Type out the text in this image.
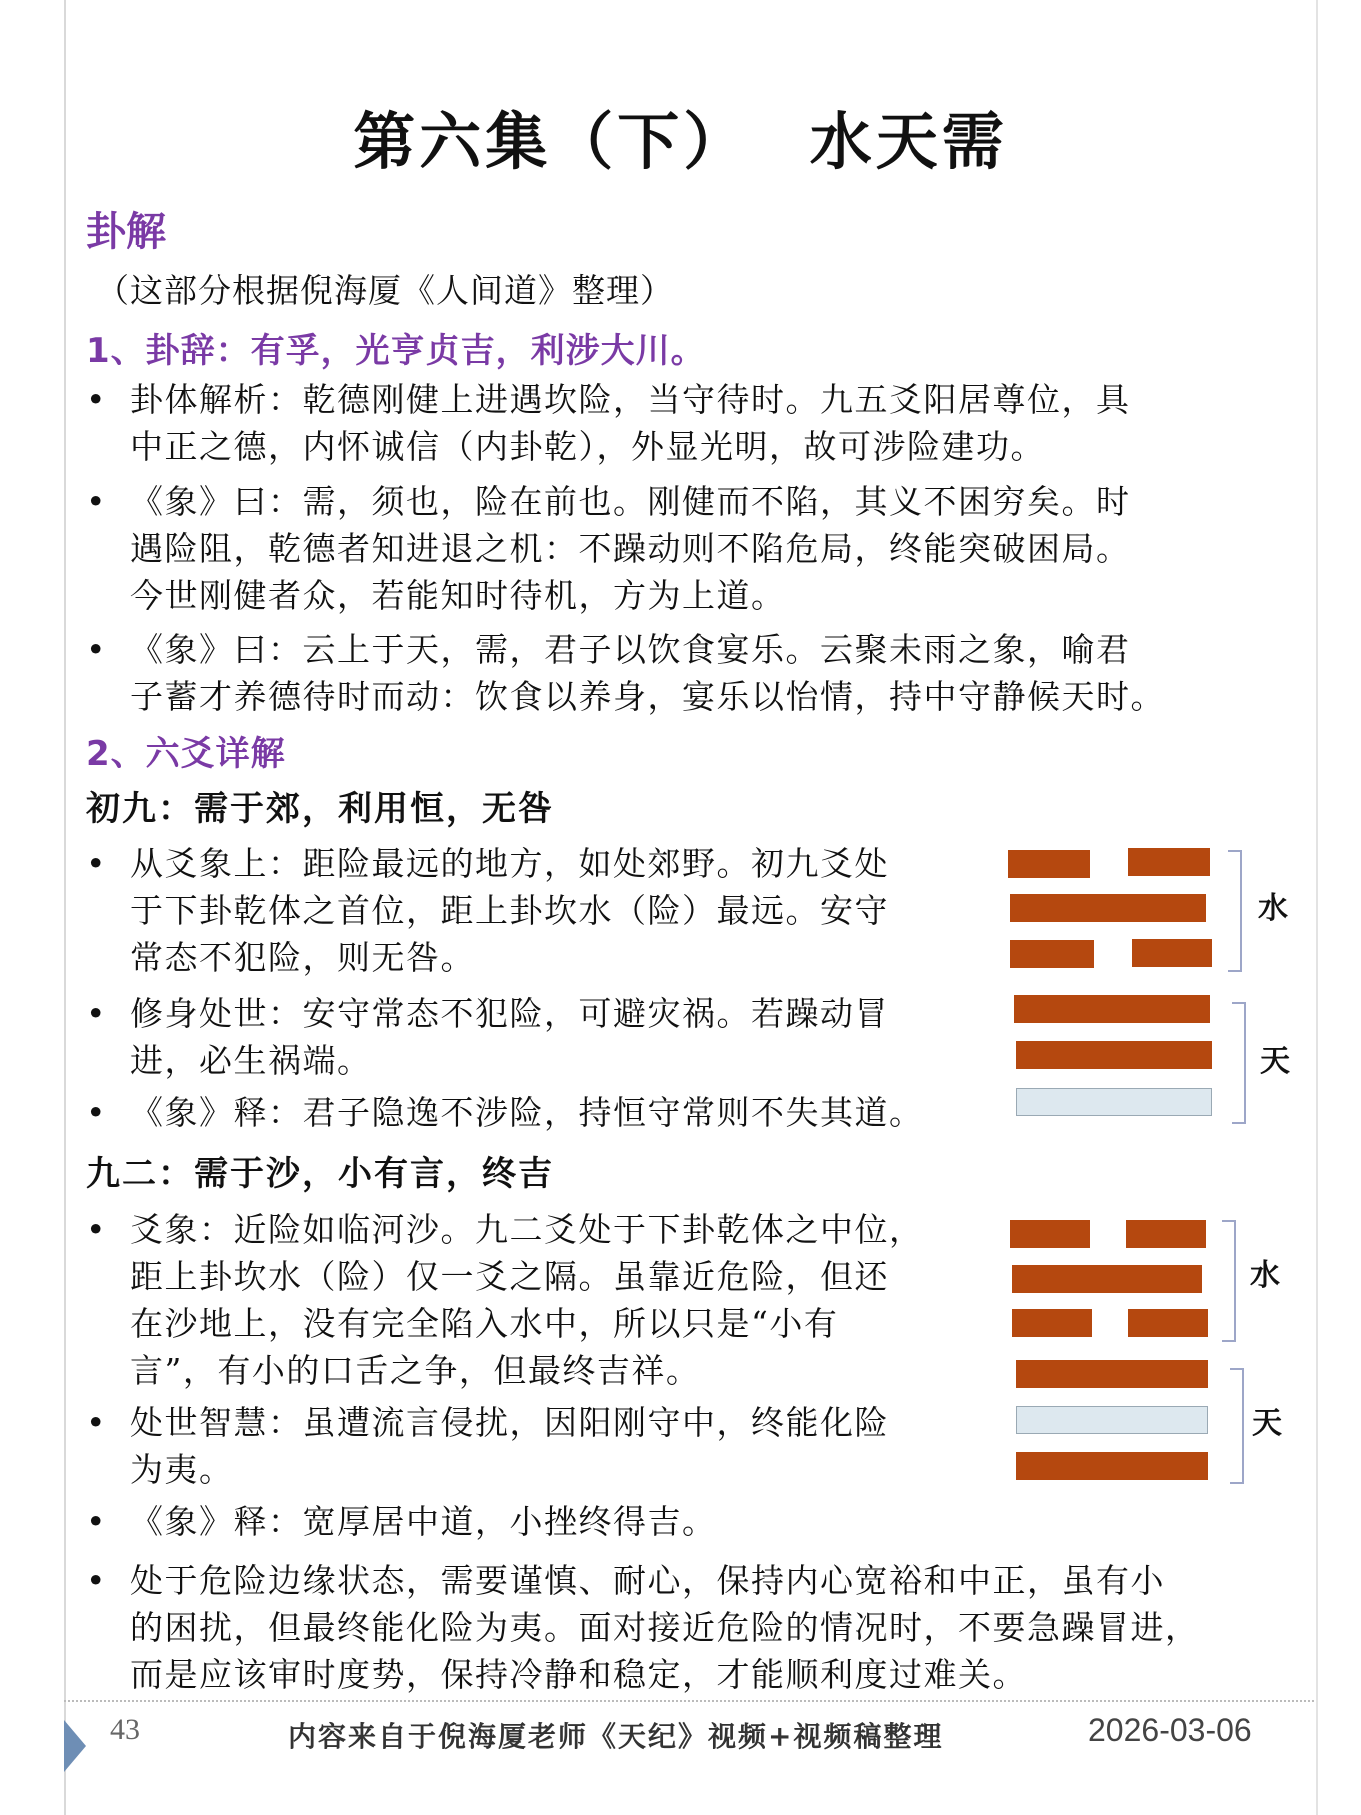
第六集（下）　 水天需
卦解
（这部分根据倪海厦《人间道》整理）
1、卦辞：有孚，光亨贞吉，利涉大川。
• 卦体解析：乾德刚健上进遇坎险，当守待时。九五爻阳居尊位，具
中正之德，内怀诚信（内卦乾），外显光明，故可涉险建功。
• 《象》曰：需，须也，险在前也。刚健而不陷，其义不困穷矣。时
遇险阻，乾德者知进退之机：不躁动则不陷危局，终能突破困局。
今世刚健者众，若能知时待机，方为上道。
• 《象》曰：云上于天，需，君子以饮食宴乐。云聚未雨之象，喻君
子蓄才养德待时而动：饮食以养身，宴乐以怡情，持中守静候天时。
2、六爻详解
初九：需于郊，利用恒，无咎
• 从爻象上：距险最远的地方，如处郊野。初九爻处
于下卦乾体之首位，距上卦坎水（险）最远。安守
常态不犯险，则无咎。
• 修身处世：安守常态不犯险，可避灾祸。若躁动冒
进，必生祸端。
• 《象》释：君子隐逸不涉险，持恒守常则不失其道。
九二：需于沙，小有言，终吉
• 爻象：近险如临河沙。九二爻处于下卦乾体之中位，
距上卦坎水（险）仅一爻之隔。虽靠近危险，但还
在沙地上，没有完全陷入水中，所以只是“小有
言”，有小的口舌之争，但最终吉祥。
• 处世智慧：虽遭流言侵扰，因阳刚守中，终能化险
为夷。
• 《象》释：宽厚居中道，小挫终得吉。
• 处于危险边缘状态，需要谨慎、耐心，保持内心宽裕和中正，虽有小
的困扰，但最终能化险为夷。面对接近危险的情况时，不要急躁冒进，
而是应该审时度势，保持冷静和稳定，才能顺利度过难关。
水
天
水
天
43	内容来自于倪海厦老师《天纪》视频+视频稿整理	2026-03-06
